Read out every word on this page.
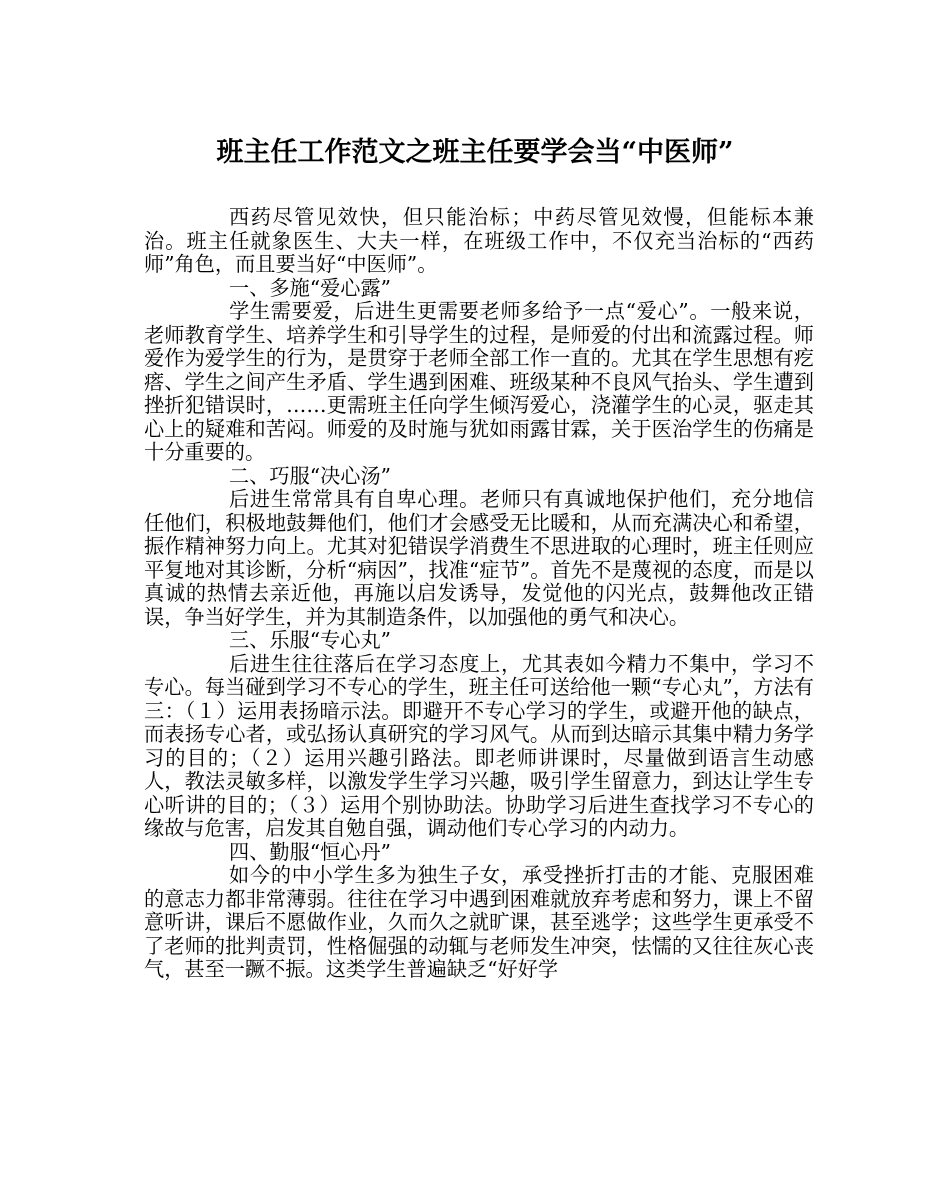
班主任工作范文之班主任要学会当“中医师”

西药尽管见效快，但只能治标；中药尽管见效慢，但能标本兼治。班主任就象医生、大夫一样，在班级工作中，不仅充当治标的“西药师”角色，而且要当好“中医师”。

一、多施“爱心露”

学生需要爱，后进生更需要老师多给予一点“爱心”。一般来说，老师教育学生、培养学生和引导学生的过程，是师爱的付出和流露过程。师爱作为爱学生的行为，是贯穿于老师全部工作一直的。尤其在学生思想有疙瘩、学生之间产生矛盾、学生遇到困难、班级某种不良风气抬头、学生遭到挫折犯错误时，……更需班主任向学生倾泻爱心，浇灌学生的心灵，驱走其心上的疑难和苦闷。师爱的及时施与犹如雨露甘霖，关于医治学生的伤痛是十分重要的。

二、巧服“决心汤”

后进生常常具有自卑心理。老师只有真诚地保护他们，充分地信任他们，积极地鼓舞他们，他们才会感受无比暖和，从而充满决心和希望，振作精神努力向上。尤其对犯错误学消费生不思进取的心理时，班主任则应平复地对其诊断，分析“病因”，找准“症节”。首先不是蔑视的态度，而是以真诚的热情去亲近他，再施以启发诱导，发觉他的闪光点，鼓舞他改正错误，争当好学生，并为其制造条件，以加强他的勇气和决心。

三、乐服“专心丸”

后进生往往落后在学习态度上，尤其表如今精力不集中，学习不专心。每当碰到学习不专心的学生，班主任可送给他一颗“专心丸”，方法有三：（１）运用表扬暗示法。即避开不专心学习的学生，或避开他的缺点，而表扬专心者，或弘扬认真研究的学习风气。从而到达暗示其集中精力务学习的目的；（２）运用兴趣引路法。即老师讲课时，尽量做到语言生动感人，教法灵敏多样，以激发学生学习兴趣，吸引学生留意力，到达让学生专心听讲的目的；（３）运用个别协助法。协助学习后进生查找学习不专心的缘故与危害，启发其自勉自强，调动他们专心学习的内动力。

四、勤服“恒心丹”

如今的中小学生多为独生子女，承受挫折打击的才能、克服困难的意志力都非常薄弱。往往在学习中遇到困难就放弃考虑和努力，课上不留意听讲，课后不愿做作业，久而久之就旷课，甚至逃学；这些学生更承受不了老师的批判责罚，性格倔强的动辄与老师发生冲突，怯懦的又往往灰心丧气，甚至一蹶不振。这类学生普遍缺乏“好好学
